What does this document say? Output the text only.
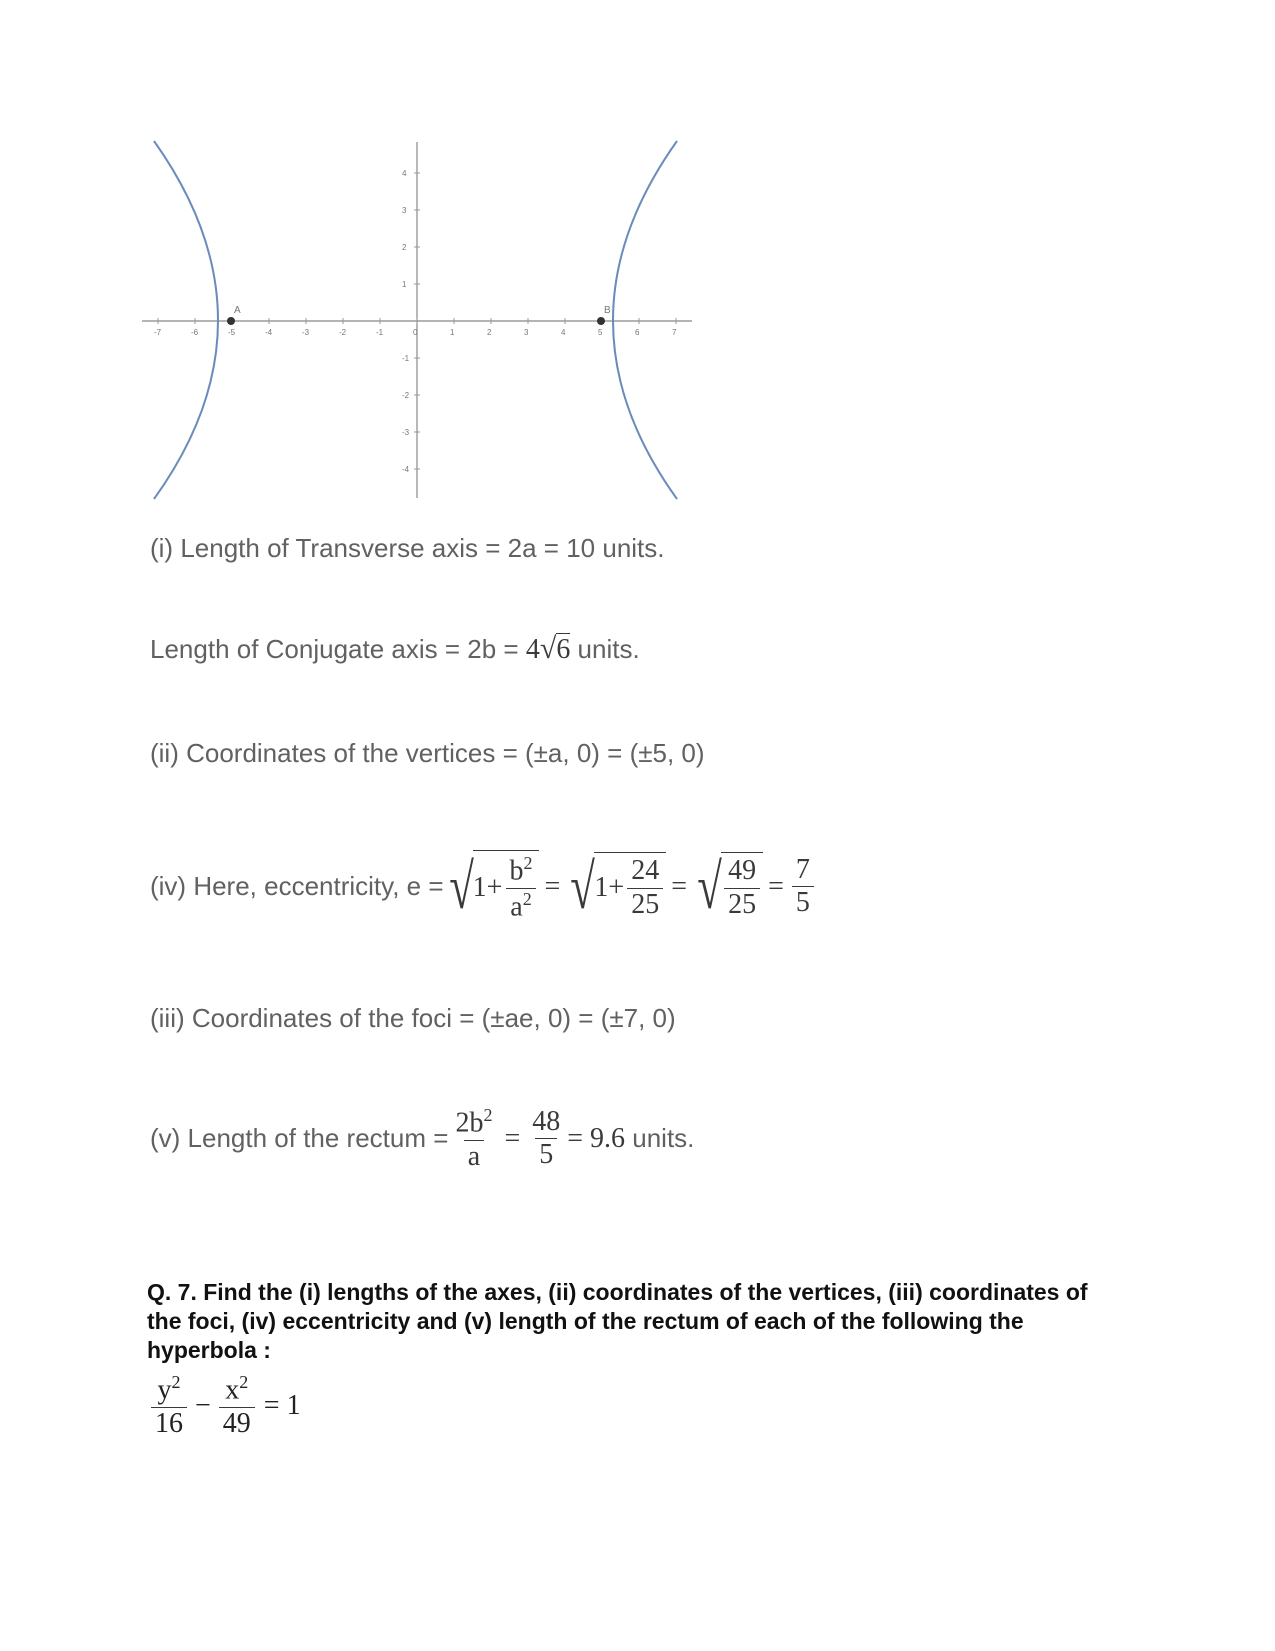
-7	-6	-5	-4	-3	-2	-1	0	1	2	3	4	5	6	7
1
2
3
4
-1
-2
-3
-4
A	B
(i) Length of Transverse axis = 2a = 10 units.
Length of Conjugate axis = 2b = 4√6 units.
(ii) Coordinates of the vertices = (±a, 0) = (±5, 0)
(iv) Here, eccentricity, e = √ $1+ \frac{b^2}{a^2}$ = √ $1+ \frac{24}{25}$ = √ $\frac{49}{25} = \frac{7}{5}$
(iii) Coordinates of the foci = (±ae, 0) = (±7, 0)
(v) Length of the rectum = $\frac{2b^2}{a} = \frac{48}{5} = 9.6$ units.
Q. 7. Find the (i) lengths of the axes, (ii) coordinates of the vertices, (iii) coordinates of the foci, (iv) eccentricity and (v) length of the rectum of each of the following the hyperbola :
$\frac{y^2}{16} - \frac{x^2}{49} = 1$
